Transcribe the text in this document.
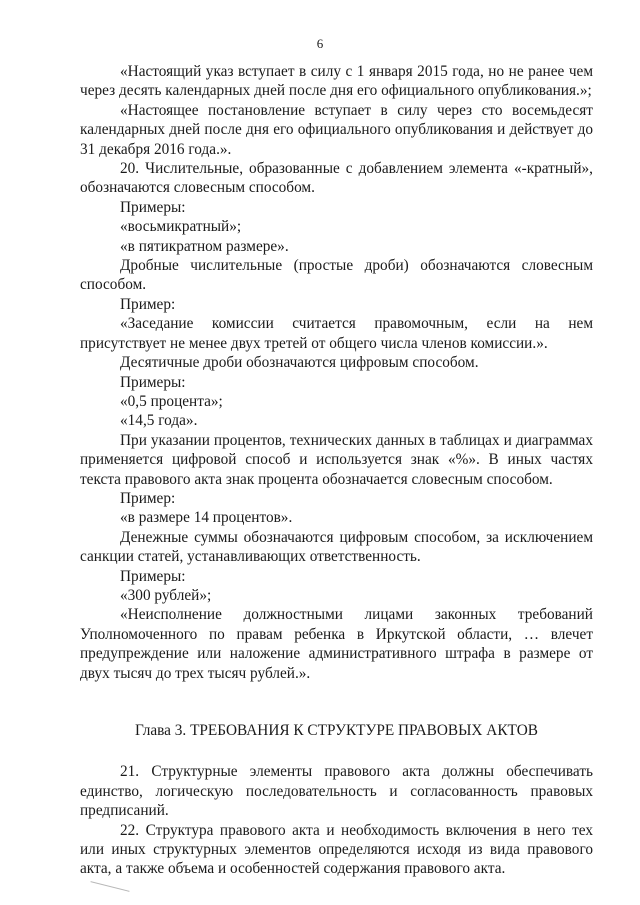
6

«Настоящий указ вступает в силу с 1 января 2015 года, но не ранее чем через десять календарных дней после дня его официального опубликования.»;

«Настоящее постановление вступает в силу через сто восемьдесят календарных дней после дня его официального опубликования и действует до 31 декабря 2016 года.».

20. Числительные, образованные с добавлением элемента «-кратный», обозначаются словесным способом.

Примеры:

«восьмикратный»;

«в пятикратном размере».

Дробные числительные (простые дроби) обозначаются словесным способом.

Пример:

«Заседание комиссии считается правомочным, если на нем присутствует не менее двух третей от общего числа членов комиссии.».

Десятичные дроби обозначаются цифровым способом.

Примеры:

«0,5 процента»;

«14,5 года».

При указании процентов, технических данных в таблицах и диаграммах применяется цифровой способ и используется знак «%». В иных частях текста правового акта знак процента обозначается словесным способом.

Пример:

«в размере 14 процентов».

Денежные суммы обозначаются цифровым способом, за исключением санкции статей, устанавливающих ответственность.

Примеры:

«300 рублей»;

«Неисполнение должностными лицами законных требований Уполномоченного по правам ребенка в Иркутской области, … влечет предупреждение или наложение административного штрафа в размере от двух тысяч до трех тысяч рублей.».

Глава 3. ТРЕБОВАНИЯ К СТРУКТУРЕ ПРАВОВЫХ АКТОВ

21. Структурные элементы правового акта должны обеспечивать единство, логическую последовательность и согласованность правовых предписаний.

22. Структура правового акта и необходимость включения в него тех или иных структурных элементов определяются исходя из вида правового акта, а также объема и особенностей содержания правового акта.
